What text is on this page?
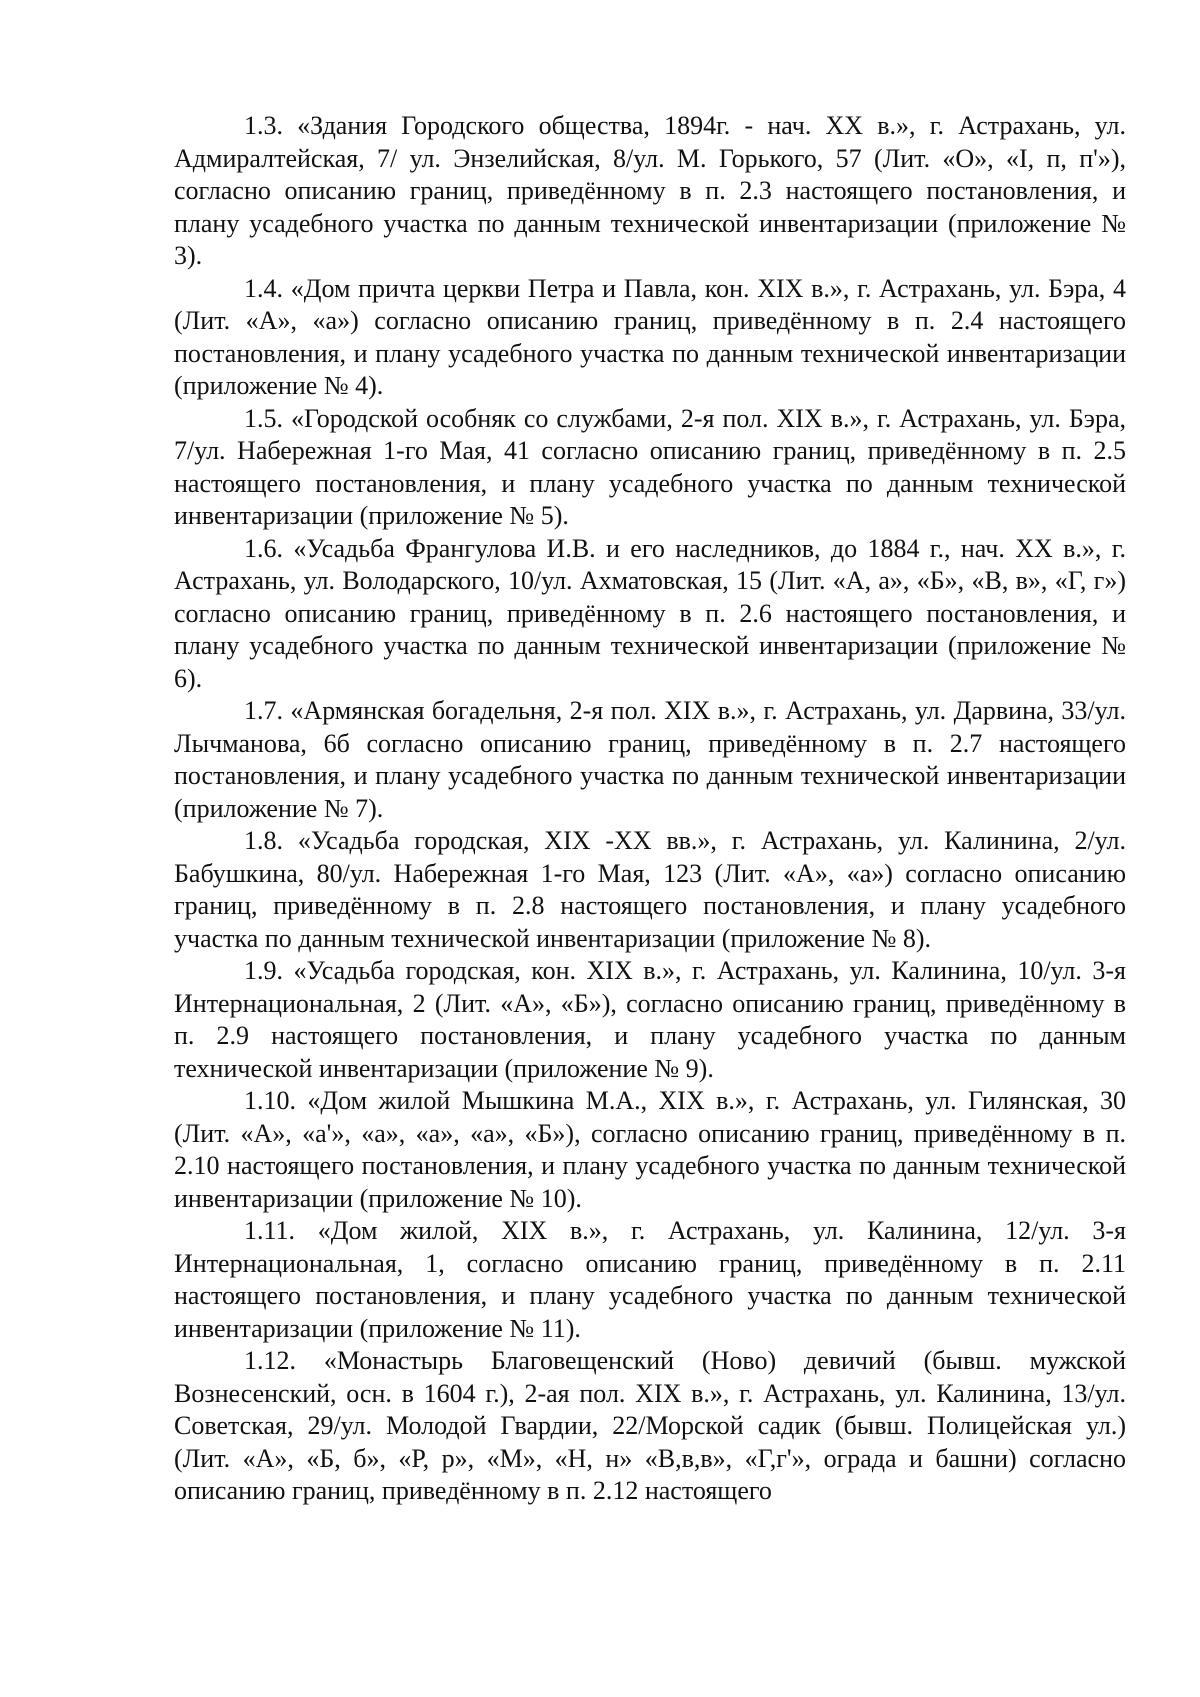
1.3. «Здания Городского общества, 1894г. - нач. XX в.», г. Астрахань, ул. Адмиралтейская, 7/ ул. Энзелийская, 8/ул. М. Горького, 57 (Лит. «О», «I, п, п'»), согласно описанию границ, приведённому в п. 2.3 настоящего постановления, и плану усадебного участка по данным технической инвентаризации (приложение № 3).

1.4. «Дом причта церкви Петра и Павла, кон. XIX в.», г. Астрахань, ул. Бэра, 4 (Лит. «А», «а») согласно описанию границ, приведённому в п. 2.4 настоящего постановления, и плану усадебного участка по данным технической инвентаризации (приложение № 4).

1.5. «Городской особняк со службами, 2-я пол. XIX в.», г. Астрахань, ул. Бэра, 7/ул. Набережная 1-го Мая, 41 согласно описанию границ, приведённому в п. 2.5 настоящего постановления, и плану усадебного участка по данным технической инвентаризации (приложение № 5).

1.6. «Усадьба Франгулова И.В. и его наследников, до 1884 г., нач. XX в.», г. Астрахань, ул. Володарского, 10/ул. Ахматовская, 15 (Лит. «А, а», «Б», «В, в», «Г, г») согласно описанию границ, приведённому в п. 2.6 настоящего постановления, и плану усадебного участка по данным технической инвентаризации (приложение № 6).

1.7. «Армянская богадельня, 2-я пол. XIX в.», г. Астрахань, ул. Дарвина, 33/ул. Лычманова, 6б согласно описанию границ, приведённому в п. 2.7 настоящего постановления, и плану усадебного участка по данным технической инвентаризации (приложение № 7).

1.8. «Усадьба городская, XIX -XX вв.», г. Астрахань, ул. Калинина, 2/ул. Бабушкина, 80/ул. Набережная 1-го Мая, 123 (Лит. «А», «а») согласно описанию границ, приведённому в п. 2.8 настоящего постановления, и плану усадебного участка по данным технической инвентаризации (приложение № 8).

1.9. «Усадьба городская, кон. XIX в.», г. Астрахань, ул. Калинина, 10/ул. 3-я Интернациональная, 2 (Лит. «А», «Б»), согласно описанию границ, приведённому в п. 2.9 настоящего постановления, и плану усадебного участка по данным технической инвентаризации (приложение № 9).

1.10. «Дом жилой Мышкина М.А., XIX в.», г. Астрахань, ул. Гилянская, 30 (Лит. «А», «а'», «а», «а», «а», «Б»), согласно описанию границ, приведённому в п. 2.10 настоящего постановления, и плану усадебного участка по данным технической инвентаризации (приложение № 10).

1.11. «Дом жилой, XIX в.», г. Астрахань, ул. Калинина, 12/ул. 3-я Интернациональная, 1, согласно описанию границ, приведённому в п. 2.11 настоящего постановления, и плану усадебного участка по данным технической инвентаризации (приложение № 11).

1.12. «Монастырь Благовещенский (Ново) девичий (бывш. мужской Вознесенский, осн. в 1604 г.), 2-ая пол. XIX в.», г. Астрахань, ул. Калинина, 13/ул. Советская, 29/ул. Молодой Гвардии, 22/Морской садик (бывш. Полицейская ул.) (Лит. «А», «Б, б», «Р, р», «М», «Н, н» «В,в,в», «Г,г'», ограда и башни) согласно описанию границ, приведённому в п. 2.12 настоящего
